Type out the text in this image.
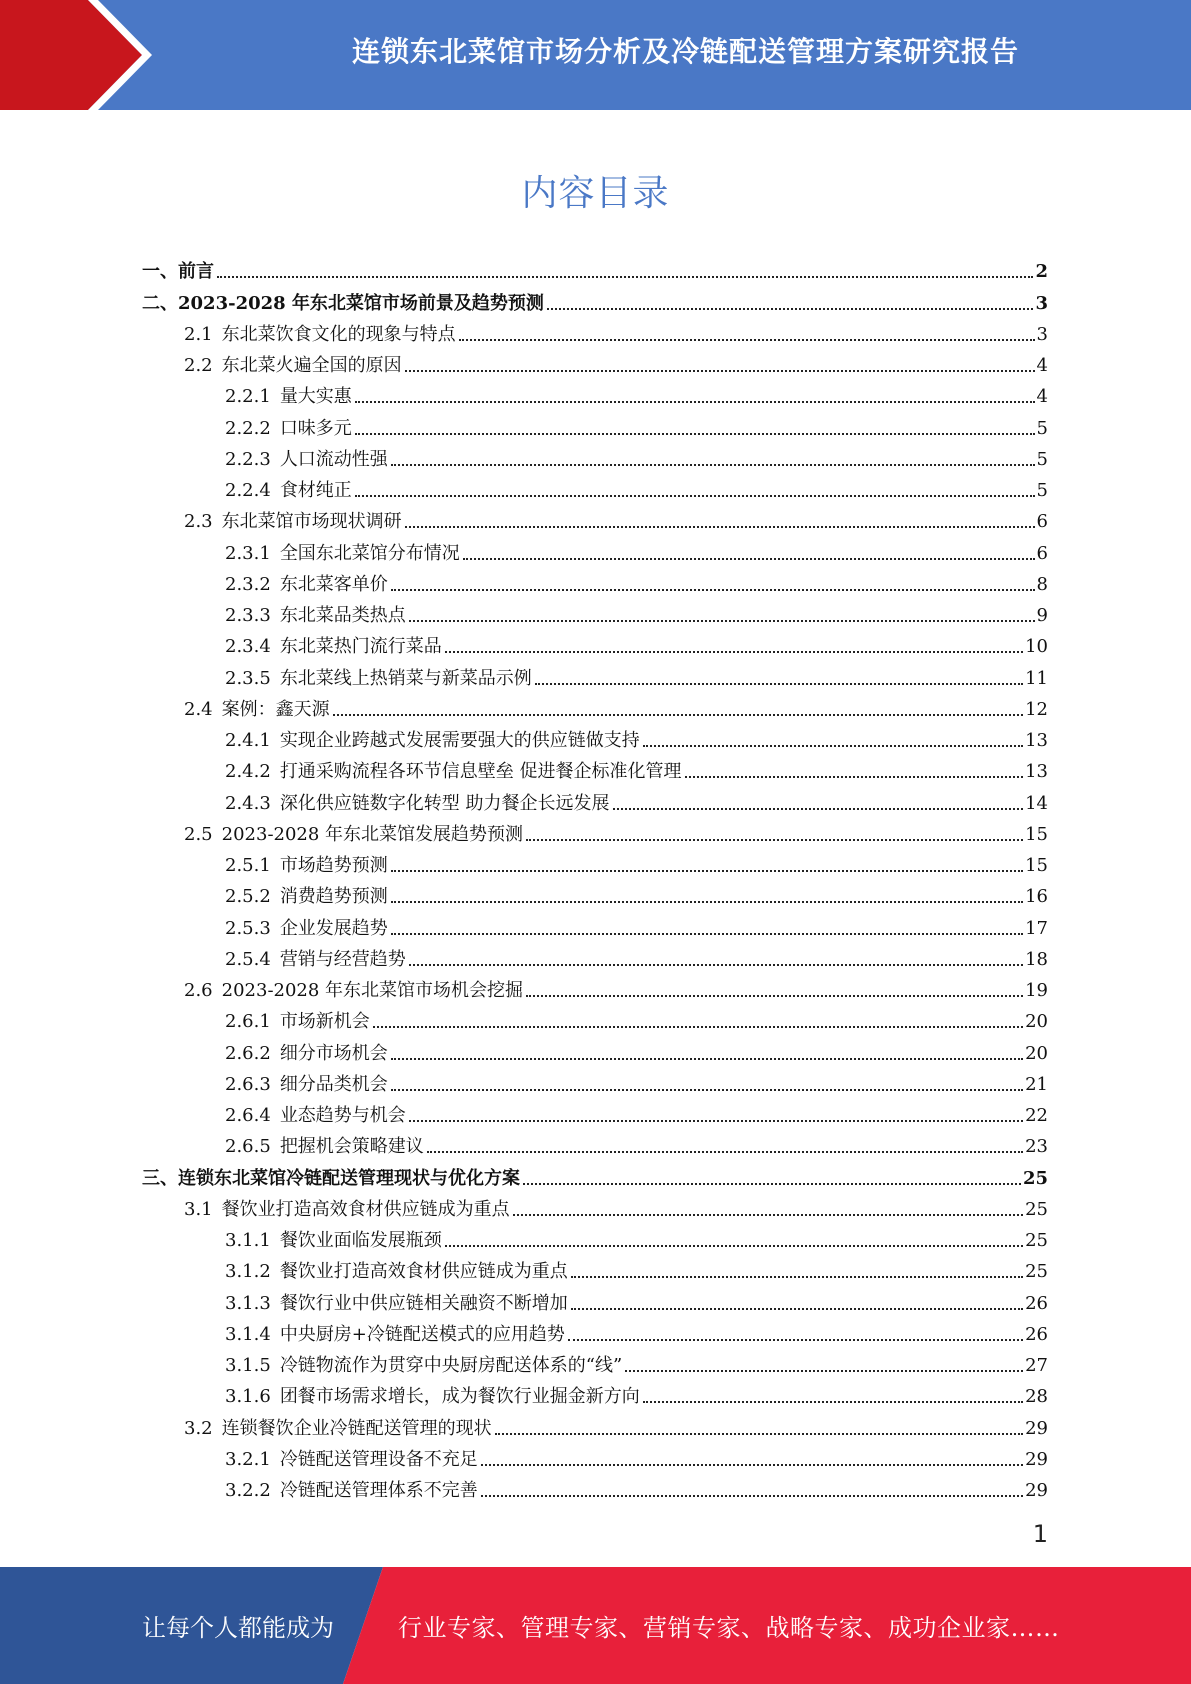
连锁东北菜馆市场分析及冷链配送管理方案研究报告
内容目录
一、前言	2
二、2023-2028 年东北菜馆市场前景及趋势预测	3
2.1 东北菜饮食文化的现象与特点	3
2.2 东北菜火遍全国的原因	4
2.2.1 量大实惠	4
2.2.2 口味多元	5
2.2.3 人口流动性强	5
2.2.4 食材纯正	5
2.3 东北菜馆市场现状调研	6
2.3.1 全国东北菜馆分布情况	6
2.3.2 东北菜客单价	8
2.3.3 东北菜品类热点	9
2.3.4 东北菜热门流行菜品	10
2.3.5 东北菜线上热销菜与新菜品示例	11
2.4 案例：鑫天源	12
2.4.1 实现企业跨越式发展需要强大的供应链做支持	13
2.4.2 打通采购流程各环节信息壁垒 促进餐企标准化管理	13
2.4.3 深化供应链数字化转型 助力餐企长远发展	14
2.5 2023-2028 年东北菜馆发展趋势预测	15
2.5.1 市场趋势预测	15
2.5.2 消费趋势预测	16
2.5.3 企业发展趋势	17
2.5.4 营销与经营趋势	18
2.6 2023-2028 年东北菜馆市场机会挖掘	19
2.6.1 市场新机会	20
2.6.2 细分市场机会	20
2.6.3 细分品类机会	21
2.6.4 业态趋势与机会	22
2.6.5 把握机会策略建议	23
三、连锁东北菜馆冷链配送管理现状与优化方案	25
3.1 餐饮业打造高效食材供应链成为重点	25
3.1.1 餐饮业面临发展瓶颈	25
3.1.2 餐饮业打造高效食材供应链成为重点	25
3.1.3 餐饮行业中供应链相关融资不断增加	26
3.1.4 中央厨房+冷链配送模式的应用趋势	26
3.1.5 冷链物流作为贯穿中央厨房配送体系的“线”	27
3.1.6 团餐市场需求增长，成为餐饮行业掘金新方向	28
3.2 连锁餐饮企业冷链配送管理的现状	29
3.2.1 冷链配送管理设备不充足	29
3.2.2 冷链配送管理体系不完善	29
1
让每个人都能成为	行业专家、管理专家、营销专家、战略专家、成功企业家……
